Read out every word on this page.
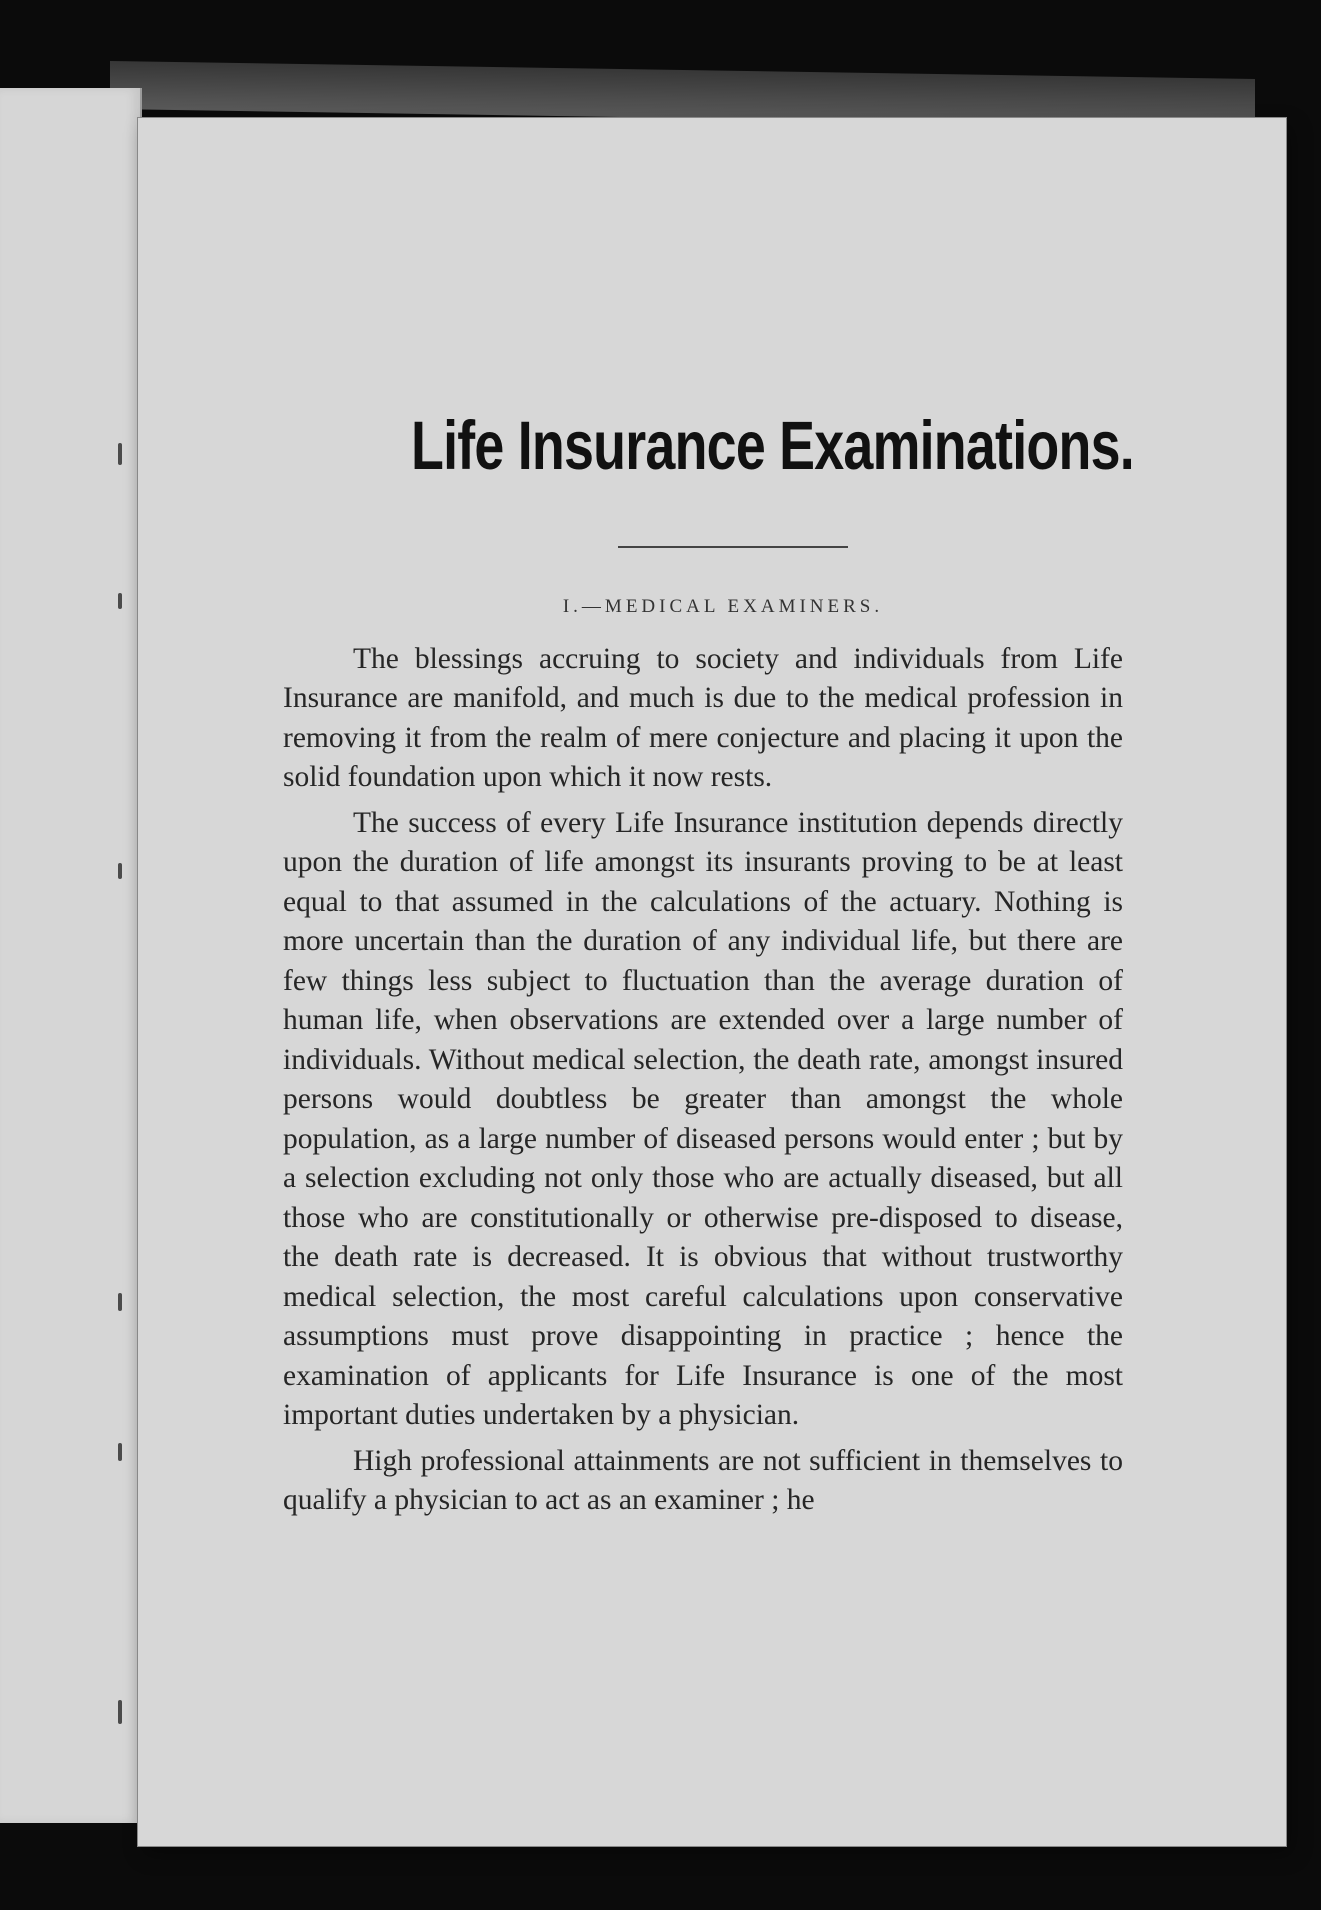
Life Insurance Examinations.
I.—MEDICAL EXAMINERS.

The blessings accruing to society and individuals from Life Insurance are manifold, and much is due to the medical profession in removing it from the realm of mere conjecture and placing it upon the solid foundation upon which it now rests.

The success of every Life Insurance institution depends directly upon the duration of life amongst its insurants proving to be at least equal to that assumed in the calculations of the actuary. Nothing is more uncertain than the duration of any individual life, but there are few things less subject to fluctuation than the average duration of human life, when observations are extended over a large number of individuals. Without medical selection, the death rate, amongst insured persons would doubtless be greater than amongst the whole population, as a large number of diseased persons would enter ; but by a selection excluding not only those who are actually diseased, but all those who are constitutionally or otherwise pre-disposed to disease, the death rate is decreased. It is obvious that without trustworthy medical selection, the most careful calculations upon conservative assumptions must prove disappointing in practice ; hence the examination of applicants for Life Insurance is one of the most important duties undertaken by a physician.

High professional attainments are not sufficient in themselves to qualify a physician to act as an examiner ; he
